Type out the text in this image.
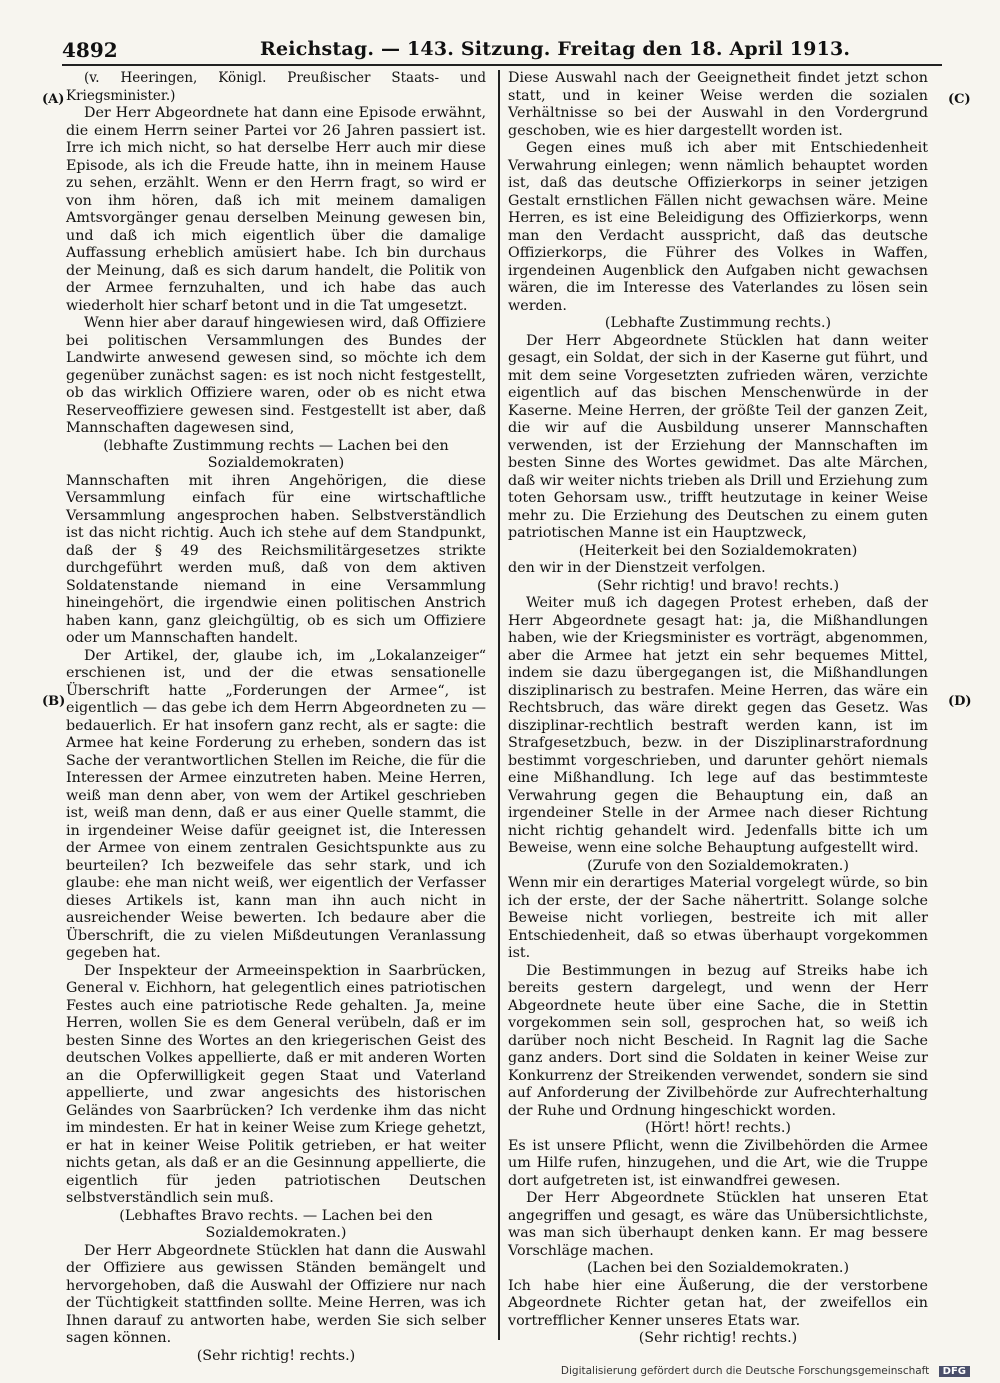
4892	Reichstag. — 143. Sitzung. Freitag den 18. April 1913.
(A)
(B)
(C)
(D)

(v. Heeringen, Königl. Preußischer Staats- und Kriegsminister.)

Der Herr Abgeordnete hat dann eine Episode erwähnt, die einem Herrn seiner Partei vor 26 Jahren passiert ist. Irre ich mich nicht, so hat derselbe Herr auch mir diese Episode, als ich die Freude hatte, ihn in meinem Hause zu sehen, erzählt. Wenn er den Herrn fragt, so wird er von ihm hören, daß ich mit meinem damaligen Amtsvorgänger genau derselben Meinung gewesen bin, und daß ich mich eigentlich über die damalige Auffassung erheblich amüsiert habe. Ich bin durchaus der Meinung, daß es sich darum handelt, die Politik von der Armee fernzuhalten, und ich habe das auch wiederholt hier scharf betont und in die Tat umgesetzt.

Wenn hier aber darauf hingewiesen wird, daß Offiziere bei politischen Versammlungen des Bundes der Landwirte anwesend gewesen sind, so möchte ich dem gegenüber zunächst sagen: es ist noch nicht festgestellt, ob das wirklich Offiziere waren, oder ob es nicht etwa Reserveoffiziere gewesen sind. Festgestellt ist aber, daß Mannschaften dagewesen sind,

(lebhafte Zustimmung rechts — Lachen bei den Sozialdemokraten)

Mannschaften mit ihren Angehörigen, die diese Versammlung einfach für eine wirtschaftliche Versammlung angesprochen haben. Selbstverständlich ist das nicht richtig. Auch ich stehe auf dem Standpunkt, daß der § 49 des Reichsmilitärgesetzes strikte durchgeführt werden muß, daß von dem aktiven Soldatenstande niemand in eine Versammlung hineingehört, die irgendwie einen politischen Anstrich haben kann, ganz gleichgültig, ob es sich um Offiziere oder um Mannschaften handelt.

Der Artikel, der, glaube ich, im „Lokalanzeiger“ erschienen ist, und der die etwas sensationelle Überschrift hatte „Forderungen der Armee“, ist eigentlich — das gebe ich dem Herrn Abgeordneten zu — bedauerlich. Er hat insofern ganz recht, als er sagte: die Armee hat keine Forderung zu erheben, sondern das ist Sache der verantwortlichen Stellen im Reiche, die für die Interessen der Armee einzutreten haben. Meine Herren, weiß man denn aber, von wem der Artikel geschrieben ist, weiß man denn, daß er aus einer Quelle stammt, die in irgendeiner Weise dafür geeignet ist, die Interessen der Armee von einem zentralen Gesichtspunkte aus zu beurteilen? Ich bezweifele das sehr stark, und ich glaube: ehe man nicht weiß, wer eigentlich der Verfasser dieses Artikels ist, kann man ihn auch nicht in ausreichender Weise bewerten. Ich bedaure aber die Überschrift, die zu vielen Mißdeutungen Veranlassung gegeben hat.

Der Inspekteur der Armeeinspektion in Saarbrücken, General v. Eichhorn, hat gelegentlich eines patriotischen Festes auch eine patriotische Rede gehalten. Ja, meine Herren, wollen Sie es dem General verübeln, daß er im besten Sinne des Wortes an den kriegerischen Geist des deutschen Volkes appellierte, daß er mit anderen Worten an die Opferwilligkeit gegen Staat und Vaterland appellierte, und zwar angesichts des historischen Geländes von Saarbrücken? Ich verdenke ihm das nicht im mindesten. Er hat in keiner Weise zum Kriege gehetzt, er hat in keiner Weise Politik getrieben, er hat weiter nichts getan, als daß er an die Gesinnung appellierte, die eigentlich für jeden patriotischen Deutschen selbstverständlich sein muß.

(Lebhaftes Bravo rechts. — Lachen bei den Sozialdemokraten.)

Der Herr Abgeordnete Stücklen hat dann die Auswahl der Offiziere aus gewissen Ständen bemängelt und hervorgehoben, daß die Auswahl der Offiziere nur nach der Tüchtigkeit stattfinden sollte. Meine Herren, was ich Ihnen darauf zu antworten habe, werden Sie sich selber sagen können.

(Sehr richtig! rechts.)

Diese Auswahl nach der Geeignetheit findet jetzt schon statt, und in keiner Weise werden die sozialen Verhältnisse so bei der Auswahl in den Vordergrund geschoben, wie es hier dargestellt worden ist.

Gegen eines muß ich aber mit Entschiedenheit Verwahrung einlegen; wenn nämlich behauptet worden ist, daß das deutsche Offizierkorps in seiner jetzigen Gestalt ernstlichen Fällen nicht gewachsen wäre. Meine Herren, es ist eine Beleidigung des Offizierkorps, wenn man den Verdacht ausspricht, daß das deutsche Offizierkorps, die Führer des Volkes in Waffen, irgendeinen Augenblick den Aufgaben nicht gewachsen wären, die im Interesse des Vaterlandes zu lösen sein werden.

(Lebhafte Zustimmung rechts.)

Der Herr Abgeordnete Stücklen hat dann weiter gesagt, ein Soldat, der sich in der Kaserne gut führt, und mit dem seine Vorgesetzten zufrieden wären, verzichte eigentlich auf das bischen Menschenwürde in der Kaserne. Meine Herren, der größte Teil der ganzen Zeit, die wir auf die Ausbildung unserer Mannschaften verwenden, ist der Erziehung der Mannschaften im besten Sinne des Wortes gewidmet. Das alte Märchen, daß wir weiter nichts trieben als Drill und Erziehung zum toten Gehorsam usw., trifft heutzutage in keiner Weise mehr zu. Die Erziehung des Deutschen zu einem guten patriotischen Manne ist ein Hauptzweck,

(Heiterkeit bei den Sozialdemokraten)

den wir in der Dienstzeit verfolgen.

(Sehr richtig! und bravo! rechts.)

Weiter muß ich dagegen Protest erheben, daß der Herr Abgeordnete gesagt hat: ja, die Mißhandlungen haben, wie der Kriegsminister es vorträgt, abgenommen, aber die Armee hat jetzt ein sehr bequemes Mittel, indem sie dazu übergegangen ist, die Mißhandlungen disziplinarisch zu bestrafen. Meine Herren, das wäre ein Rechtsbruch, das wäre direkt gegen das Gesetz. Was disziplinar-rechtlich bestraft werden kann, ist im Strafgesetzbuch, bezw. in der Disziplinarstrafordnung bestimmt vorgeschrieben, und darunter gehört niemals eine Mißhandlung. Ich lege auf das bestimmteste Verwahrung gegen die Behauptung ein, daß an irgendeiner Stelle in der Armee nach dieser Richtung nicht richtig gehandelt wird. Jedenfalls bitte ich um Beweise, wenn eine solche Behauptung aufgestellt wird.

(Zurufe von den Sozialdemokraten.)

Wenn mir ein derartiges Material vorgelegt würde, so bin ich der erste, der der Sache nähertritt. Solange solche Beweise nicht vorliegen, bestreite ich mit aller Entschiedenheit, daß so etwas überhaupt vorgekommen ist.

Die Bestimmungen in bezug auf Streiks habe ich bereits gestern dargelegt, und wenn der Herr Abgeordnete heute über eine Sache, die in Stettin vorgekommen sein soll, gesprochen hat, so weiß ich darüber noch nicht Bescheid. In Ragnit lag die Sache ganz anders. Dort sind die Soldaten in keiner Weise zur Konkurrenz der Streikenden verwendet, sondern sie sind auf Anforderung der Zivilbehörde zur Aufrechterhaltung der Ruhe und Ordnung hingeschickt worden.

(Hört! hört! rechts.)

Es ist unsere Pflicht, wenn die Zivilbehörden die Armee um Hilfe rufen, hinzugehen, und die Art, wie die Truppe dort aufgetreten ist, ist einwandfrei gewesen.

Der Herr Abgeordnete Stücklen hat unseren Etat angegriffen und gesagt, es wäre das Unübersichtlichste, was man sich überhaupt denken kann. Er mag bessere Vorschläge machen.

(Lachen bei den Sozialdemokraten.)

Ich habe hier eine Äußerung, die der verstorbene Abgeordnete Richter getan hat, der zweifellos ein vortrefflicher Kenner unseres Etats war.

(Sehr richtig! rechts.)

Digitalisierung gefördert durch die Deutsche Forschungsgemeinschaft DFG
